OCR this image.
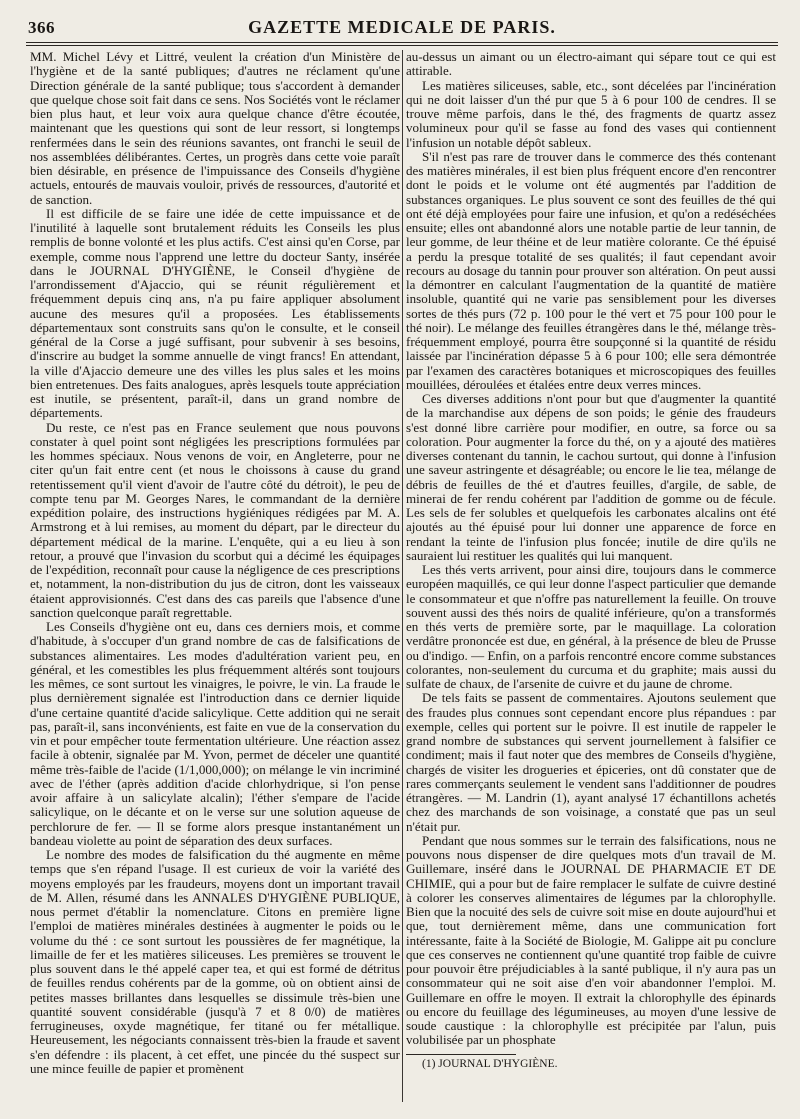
366	GAZETTE MEDICALE DE PARIS.

MM. Michel Lévy et Littré, veulent la création d'un Ministère de l'hygiène et de la santé publiques; d'autres ne réclament qu'une Direction générale de la santé publique; tous s'accordent à demander que quelque chose soit fait dans ce sens. Nos Sociétés vont le réclamer bien plus haut, et leur voix aura quelque chance d'être écoutée, maintenant que les questions qui sont de leur ressort, si longtemps renfermées dans le sein des réunions savantes, ont franchi le seuil de nos assemblées délibérantes. Certes, un progrès dans cette voie paraît bien désirable, en présence de l'impuissance des Conseils d'hygiène actuels, entourés de mauvais vouloir, privés de ressources, d'autorité et de sanction.

Il est difficile de se faire une idée de cette impuissance et de l'inutilité à laquelle sont brutalement réduits les Conseils les plus remplis de bonne volonté et les plus actifs. C'est ainsi qu'en Corse, par exemple, comme nous l'apprend une lettre du docteur Santy, insérée dans le JOURNAL D'HYGIÈNE, le Conseil d'hygiène de l'arrondissement d'Ajaccio, qui se réunit régulièrement et fréquemment depuis cinq ans, n'a pu faire appliquer absolument aucune des mesures qu'il a proposées. Les établissements départementaux sont construits sans qu'on le consulte, et le conseil général de la Corse a jugé suffisant, pour subvenir à ses besoins, d'inscrire au budget la somme annuelle de vingt francs! En attendant, la ville d'Ajaccio demeure une des villes les plus sales et les moins bien entretenues. Des faits analogues, après lesquels toute appréciation est inutile, se présentent, paraît-il, dans un grand nombre de départements.

Du reste, ce n'est pas en France seulement que nous pouvons constater à quel point sont négligées les prescriptions formulées par les hommes spéciaux. Nous venons de voir, en Angleterre, pour ne citer qu'un fait entre cent (et nous le choissons à cause du grand retentissement qu'il vient d'avoir de l'autre côté du détroit), le peu de compte tenu par M. Georges Nares, le commandant de la dernière expédition polaire, des instructions hygiéniques rédigées par M. A. Armstrong et à lui remises, au moment du départ, par le directeur du département médical de la marine. L'enquête, qui a eu lieu à son retour, a prouvé que l'invasion du scorbut qui a décimé les équipages de l'expédition, reconnaît pour cause la négligence de ces prescriptions et, notamment, la non-distribution du jus de citron, dont les vaisseaux étaient approvisionnés. C'est dans des cas pareils que l'absence d'une sanction quelconque paraît regrettable.

Les Conseils d'hygiène ont eu, dans ces derniers mois, et comme d'habitude, à s'occuper d'un grand nombre de cas de falsifications de substances alimentaires. Les modes d'adultération varient peu, en général, et les comestibles les plus fréquemment altérés sont toujours les mêmes, ce sont surtout les vinaigres, le poivre, le vin. La fraude le plus dernièrement signalée est l'introduction dans ce dernier liquide d'une certaine quantité d'acide salicylique. Cette addition qui ne serait pas, paraît-il, sans inconvénients, est faite en vue de la conservation du vin et pour empêcher toute fermentation ultérieure. Une réaction assez facile à obtenir, signalée par M. Yvon, permet de déceler une quantité même très-faible de l'acide (1/1,000,000); on mélange le vin incriminé avec de l'éther (après addition d'acide chlorhydrique, si l'on pense avoir affaire à un salicylate alcalin); l'éther s'empare de l'acide salicylique, on le décante et on le verse sur une solution aqueuse de perchlorure de fer. — Il se forme alors presque instantanément un bandeau violette au point de séparation des deux surfaces.

Le nombre des modes de falsification du thé augmente en même temps que s'en répand l'usage. Il est curieux de voir la variété des moyens employés par les fraudeurs, moyens dont un important travail de M. Allen, résumé dans les ANNALES D'HYGIÈNE PUBLIQUE, nous permet d'établir la nomenclature. Citons en première ligne l'emploi de matières minérales destinées à augmenter le poids ou le volume du thé : ce sont surtout les poussières de fer magnétique, la limaille de fer et les matières siliceuses. Les premières se trouvent le plus souvent dans le thé appelé caper tea, et qui est formé de détritus de feuilles rendus cohérents par de la gomme, où on obtient ainsi de petites masses brillantes dans lesquelles se dissimule très-bien une quantité souvent considérable (jusqu'à 7 et 8 0/0) de matières ferrugineuses, oxyde magnétique, fer titané ou fer métallique. Heureusement, les négociants connaissent très-bien la fraude et savent s'en défendre : ils placent, à cet effet, une pincée du thé suspect sur une mince feuille de papier et promènent

au-dessus un aimant ou un électro-aimant qui sépare tout ce qui est attirable.

Les matières siliceuses, sable, etc., sont décelées par l'incinération qui ne doit laisser d'un thé pur que 5 à 6 pour 100 de cendres. Il se trouve même parfois, dans le thé, des fragments de quartz assez volumineux pour qu'il se fasse au fond des vases qui contiennent l'infusion un notable dépôt sableux.

S'il n'est pas rare de trouver dans le commerce des thés contenant des matières minérales, il est bien plus fréquent encore d'en rencontrer dont le poids et le volume ont été augmentés par l'addition de substances organiques. Le plus souvent ce sont des feuilles de thé qui ont été déjà employées pour faire une infusion, et qu'on a redéséchées ensuite; elles ont abandonné alors une notable partie de leur tannin, de leur gomme, de leur théine et de leur matière colorante. Ce thé épuisé a perdu la presque totalité de ses qualités; il faut cependant avoir recours au dosage du tannin pour prouver son altération. On peut aussi la démontrer en calculant l'augmentation de la quantité de matière insoluble, quantité qui ne varie pas sensiblement pour les diverses sortes de thés purs (72 p. 100 pour le thé vert et 75 pour 100 pour le thé noir). Le mélange des feuilles étrangères dans le thé, mélange très-fréquemment employé, pourra être soupçonné si la quantité de résidu laissée par l'incinération dépasse 5 à 6 pour 100; elle sera démontrée par l'examen des caractères botaniques et microscopiques des feuilles mouillées, déroulées et étalées entre deux verres minces.

Ces diverses additions n'ont pour but que d'augmenter la quantité de la marchandise aux dépens de son poids; le génie des fraudeurs s'est donné libre carrière pour modifier, en outre, sa force ou sa coloration. Pour augmenter la force du thé, on y a ajouté des matières diverses contenant du tannin, le cachou surtout, qui donne à l'infusion une saveur astringente et désagréable; ou encore le lie tea, mélange de débris de feuilles de thé et d'autres feuilles, d'argile, de sable, de minerai de fer rendu cohérent par l'addition de gomme ou de fécule. Les sels de fer solubles et quelquefois les carbonates alcalins ont été ajoutés au thé épuisé pour lui donner une apparence de force en rendant la teinte de l'infusion plus foncée; inutile de dire qu'ils ne sauraient lui restituer les qualités qui lui manquent.

Les thés verts arrivent, pour ainsi dire, toujours dans le commerce européen maquillés, ce qui leur donne l'aspect particulier que demande le consommateur et que n'offre pas naturellement la feuille. On trouve souvent aussi des thés noirs de qualité inférieure, qu'on a transformés en thés verts de première sorte, par le maquillage. La coloration verdâtre prononcée est due, en général, à la présence de bleu de Prusse ou d'indigo. — Enfin, on a parfois rencontré encore comme substances colorantes, non-seulement du curcuma et du graphite; mais aussi du sulfate de chaux, de l'arsenite de cuivre et du jaune de chrome.

De tels faits se passent de commentaires. Ajoutons seulement que des fraudes plus connues sont cependant encore plus répandues : par exemple, celles qui portent sur le poivre. Il est inutile de rappeler le grand nombre de substances qui servent journellement à falsifier ce condiment; mais il faut noter que des membres de Conseils d'hygiène, chargés de visiter les drogueries et épiceries, ont dû constater que de rares commerçants seulement le vendent sans l'additionner de poudres étrangères. — M. Landrin (1), ayant analysé 17 échantillons achetés chez des marchands de son voisinage, a constaté que pas un seul n'était pur.

Pendant que nous sommes sur le terrain des falsifications, nous ne pouvons nous dispenser de dire quelques mots d'un travail de M. Guillemare, inséré dans le JOURNAL DE PHARMACIE ET DE CHIMIE, qui a pour but de faire remplacer le sulfate de cuivre destiné à colorer les conserves alimentaires de légumes par la chlorophylle. Bien que la nocuité des sels de cuivre soit mise en doute aujourd'hui et que, tout dernièrement même, dans une communication fort intéressante, faite à la Société de Biologie, M. Galippe ait pu conclure que ces conserves ne contiennent qu'une quantité trop faible de cuivre pour pouvoir être préjudiciables à la santé publique, il n'y aura pas un consommateur qui ne soit aise d'en voir abandonner l'emploi. M. Guillemare en offre le moyen. Il extrait la chlorophylle des épinards ou encore du feuillage des légumineuses, au moyen d'une lessive de soude caustique : la chlorophylle est précipitée par l'alun, puis volubilisée par un phosphate

(1) JOURNAL D'HYGIÈNE.
